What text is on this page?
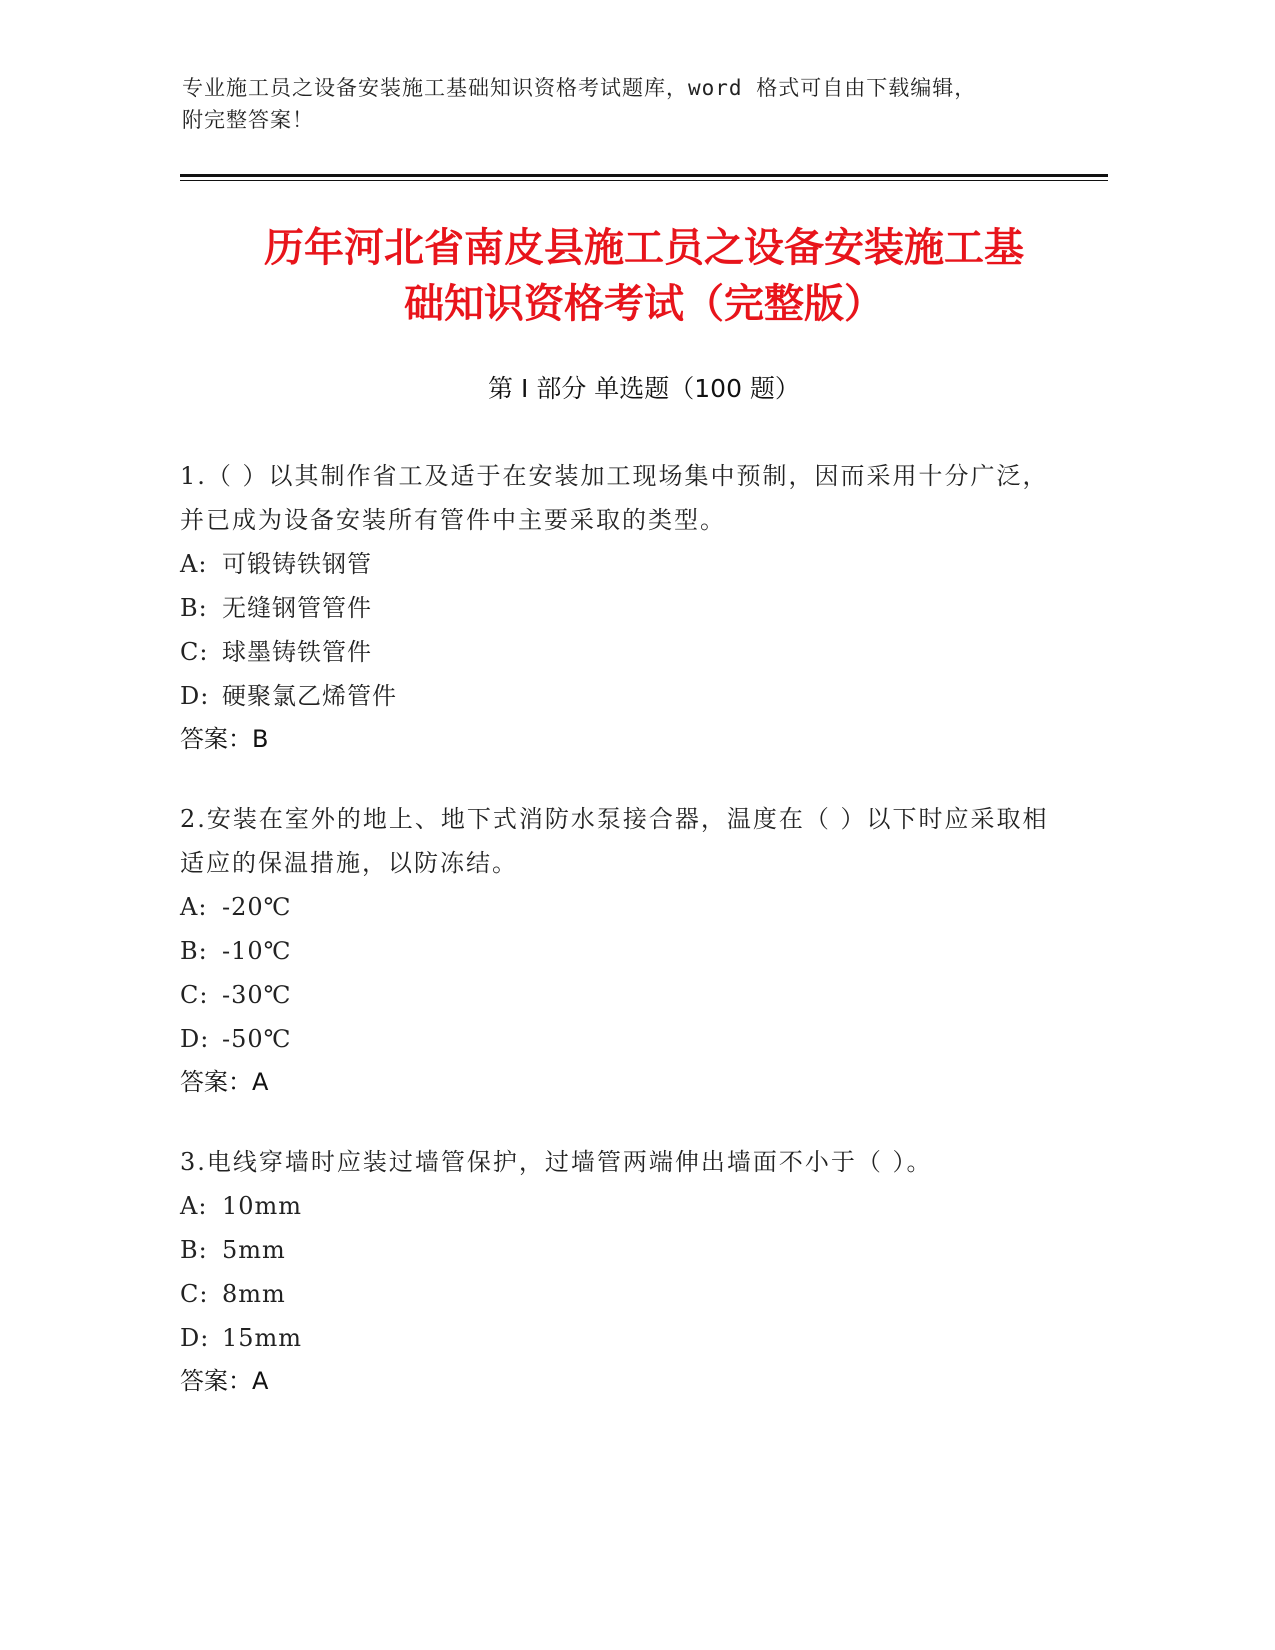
专业施工员之设备安装施工基础知识资格考试题库，word 格式可自由下载编辑，
附完整答案！
历年河北省南皮县施工员之设备安装施工基
础知识资格考试（完整版）
第 I 部分 单选题（100 题）
1.（ ）以其制作省工及适于在安装加工现场集中预制，因而采用十分广泛，并已成为设备安装所有管件中主要采取的类型。
A: 可锻铸铁钢管
B: 无缝钢管管件
C: 球墨铸铁管件
D: 硬聚氯乙烯管件
答案：B
2.安装在室外的地上、地下式消防水泵接合器，温度在（ ）以下时应采取相适应的保温措施，以防冻结。
A: -20℃
B: -10℃
C: -30℃
D: -50℃
答案：A
3.电线穿墙时应装过墙管保护，过墙管两端伸出墙面不小于（ ）。
A: 10mm
B: 5mm
C: 8mm
D: 15mm
答案：A
